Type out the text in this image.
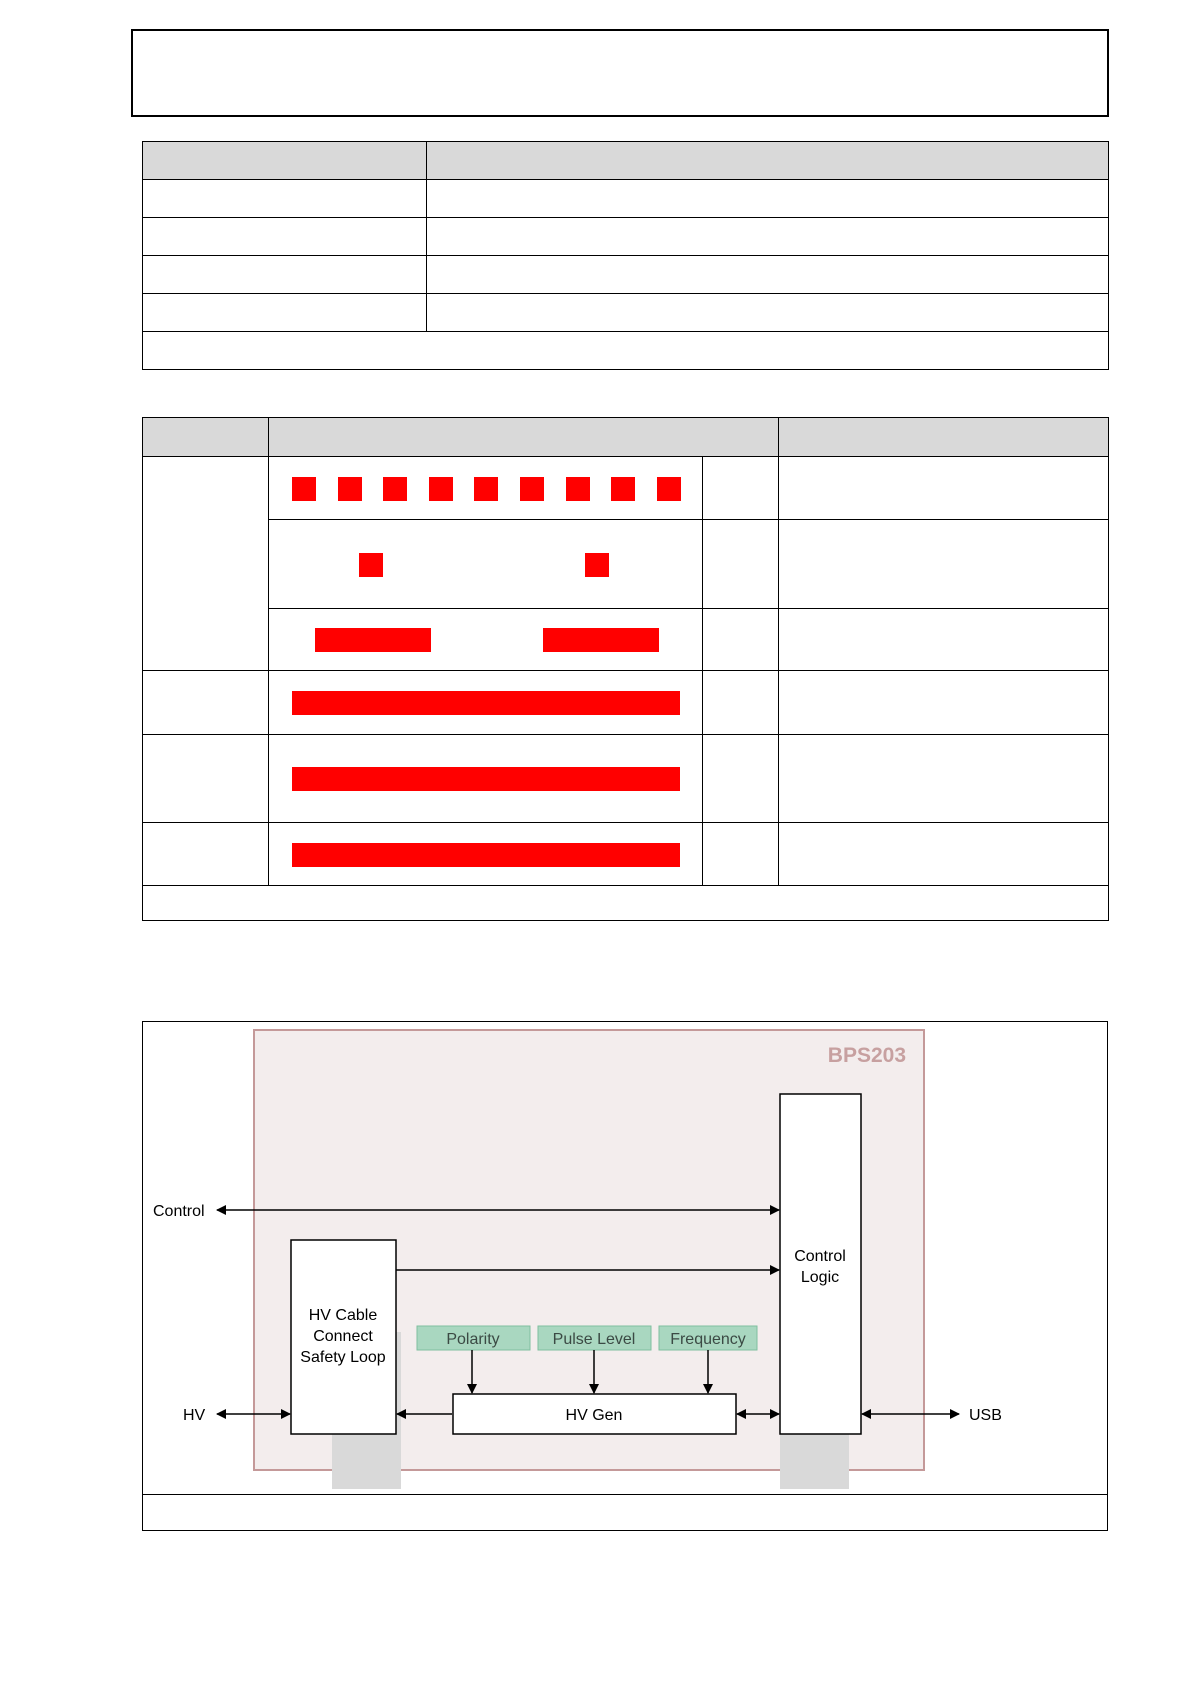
BPS203
Control
Logic
HV Cable
Connect
Safety Loop
HV Gen
Polarity	Pulse Level Frequency
Control
HV	USB
